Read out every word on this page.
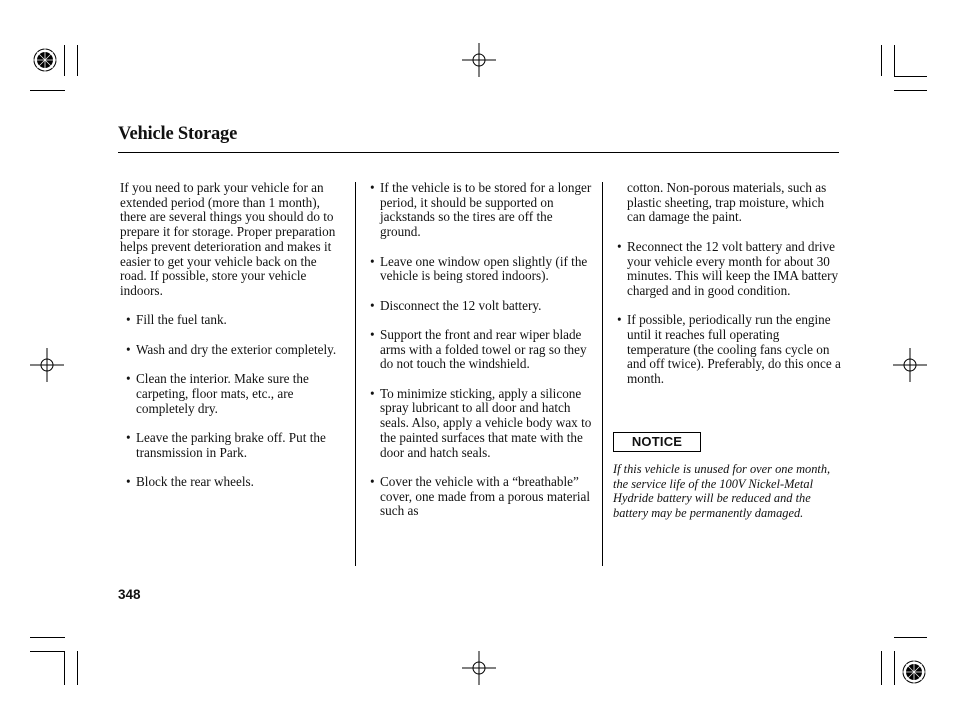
Vehicle Storage

If you need to park your vehicle for an extended period (more than 1 month), there are several things you should do to prepare it for storage. Proper preparation helps prevent deterioration and makes it easier to get your vehicle back on the road. If possible, store your vehicle indoors.

• Fill the fuel tank.

• Wash and dry the exterior completely.

• Clean the interior. Make sure the carpeting, floor mats, etc., are completely dry.

• Leave the parking brake off. Put the transmission in Park.

• Block the rear wheels.

• If the vehicle is to be stored for a longer period, it should be supported on jackstands so the tires are off the ground.

• Leave one window open slightly (if the vehicle is being stored indoors).

• Disconnect the 12 volt battery.

• Support the front and rear wiper blade arms with a folded towel or rag so they do not touch the windshield.

• To minimize sticking, apply a silicone spray lubricant to all door and hatch seals. Also, apply a vehicle body wax to the painted surfaces that mate with the door and hatch seals.

• Cover the vehicle with a “breathable” cover, one made from a porous material such as

cotton. Non-porous materials, such as plastic sheeting, trap moisture, which can damage the paint.

• Reconnect the 12 volt battery and drive your vehicle every month for about 30 minutes. This will keep the IMA battery charged and in good condition.

• If possible, periodically run the engine until it reaches full operating temperature (the cooling fans cycle on and off twice). Preferably, do this once a month.

NOTICE

If this vehicle is unused for over one month, the service life of the 100V Nickel-Metal Hydride battery will be reduced and the battery may be permanently damaged.

348
